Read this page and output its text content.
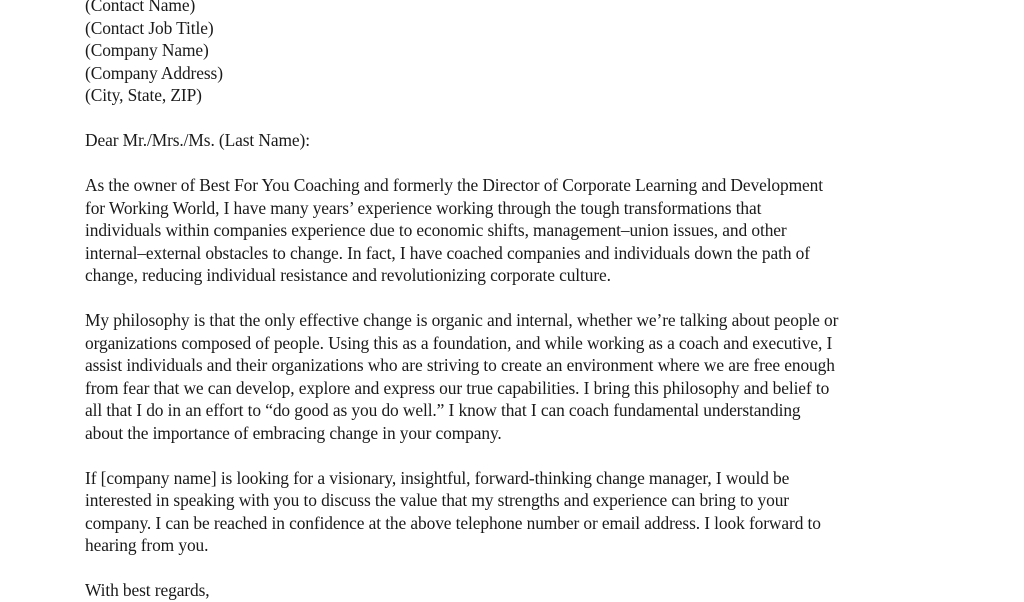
(Contact Name)
(Contact Job Title)
(Company Name)
(Company Address)
(City, State, ZIP)
Dear Mr./Mrs./Ms. (Last Name):
As the owner of Best For You Coaching and formerly the Director of Corporate Learning and Development
for Working World, I have many years’ experience working through the tough transformations that
individuals within companies experience due to economic shifts, management–union issues, and other
internal–external obstacles to change. In fact, I have coached companies and individuals down the path of
change, reducing individual resistance and revolutionizing corporate culture.
My philosophy is that the only effective change is organic and internal, whether we’re talking about people or
organizations composed of people. Using this as a foundation, and while working as a coach and executive, I
assist individuals and their organizations who are striving to create an environment where we are free enough
from fear that we can develop, explore and express our true capabilities. I bring this philosophy and belief to
all that I do in an effort to “do good as you do well.” I know that I can coach fundamental understanding
about the importance of embracing change in your company.
If [company name] is looking for a visionary, insightful, forward-thinking change manager, I would be
interested in speaking with you to discuss the value that my strengths and experience can bring to your
company. I can be reached in confidence at the above telephone number or email address. I look forward to
hearing from you.
With best regards,
